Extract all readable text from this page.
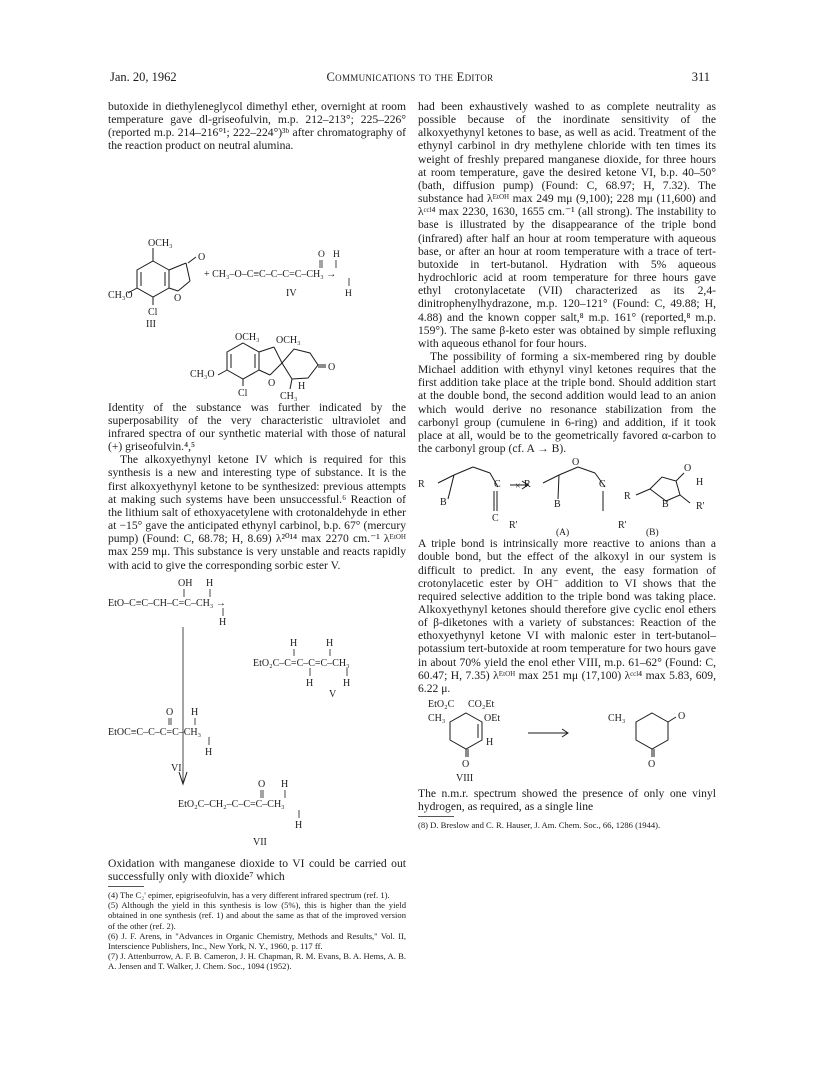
Jan. 20, 1962	Communications to the Editor	311

butoxide in diethyleneglycol dimethyl ether, overnight at room temperature gave dl-griseofulvin, m.p. 212–213°; 225–226° (reported m.p. 214–216°¹; 222–224°)³ᵇ after chromatography of the reaction product on neutral alumina.

OCH₃
O
O
CH₃O
Cl
III
O H
+ CH₃–O–C≡C–C–C=C–CH₃ →
H
IV
OCH₃ OCH₃
O
CH₃O
O H
Cl	CH₃

Identity of the substance was further indicated by the superposability of the very characteristic ultraviolet and infrared spectra of our synthetic material with those of natural (+) griseofulvin.⁴,⁵

The alkoxyethynyl ketone IV which is required for this synthesis is a new and interesting type of substance. It is the first alkoxyethynyl ketone to be synthesized: previous attempts at making such systems have been unsuccessful.⁶ Reaction of the lithium salt of ethoxyacetylene with crotonaldehyde in ether at −15° gave the anticipated ethynyl carbinol, b.p. 67° (mercury pump) (Found: C, 68.78; H, 8.69) λ²⁰¹⁴ max 2270 cm.⁻¹ λᴱᵗᴼᴴ max 259 mμ. This substance is very unstable and reacts rapidly with acid to give the corresponding sorbic ester V.

OH H
EtO–C≡C–CH–C=C–CH₃ →
H
H	H
EtO₂C–C=C–C=C–CH₃
H	H
V
O H
EtOC≡C–C–C=C–CH₃
H
VI
O H
EtO₂C–CH₂–C–C=C–CH₃
H
VII

Oxidation with manganese dioxide to VI could be carried out successfully only with dioxide⁷ which

(4) The C₂' epimer, epigriseofulvin, has a very different infrared spectrum (ref. 1).

(5) Although the yield in this synthesis is low (5%), this is higher than the yield obtained in one synthesis (ref. 1) and about the same as that of the improved version of the other (ref. 2).

(6) J. F. Arens, in "Advances in Organic Chemistry, Methods and Results," Vol. II, Interscience Publishers, Inc., New York, N. Y., 1960, p. 117 ff.

(7) J. Attenburrow, A. F. B. Cameron, J. H. Chapman, R. M. Evans, B. A. Hems, A. B. A. Jensen and T. Walker, J. Chem. Soc., 1094 (1952).

had been exhaustively washed to as complete neutrality as possible because of the inordinate sensitivity of the alkoxyethynyl ketones to base, as well as acid. Treatment of the ethynyl carbinol in dry methylene chloride with ten times its weight of freshly prepared manganese dioxide, for three hours at room temperature, gave the desired ketone VI, b.p. 40–50° (bath, diffusion pump) (Found: C, 68.97; H, 7.32). The substance had λᴱᵗᴼᴴ max 249 mμ (9,100); 228 mμ (11,600) and λᶜᶜˡ⁴ max 2230, 1630, 1655 cm.⁻¹ (all strong). The instability to base is illustrated by the disappearance of the triple bond (infrared) after half an hour at room temperature with aqueous base, or after an hour at room temperature with a trace of tert-butoxide in tert-butanol. Hydration with 5% aqueous hydrochloric acid at room temperature for three hours gave ethyl crotonylacetate (VII) characterized as its 2,4-dinitrophenylhydrazone, m.p. 120–121° (Found: C, 49.88; H, 4.88) and the known copper salt,⁸ m.p. 161° (reported,⁸ m.p. 159°). The same β-keto ester was obtained by simple refluxing with aqueous ethanol for four hours.

The possibility of forming a six-membered ring by double Michael addition with ethynyl vinyl ketones requires that the first addition take place at the triple bond. Should addition start at the double bond, the second addition would lead to an anion which would derive no resonance stabilization from the carbonyl group (cumulene in 6-ring) and addition, if it took place at all, would be to the geometrically favored α-carbon to the carbonyl group (cf. A → B).

×
R
B
C
C
R'
R
B
C
R'
O
R
B
O
H
R'
(A)	(B)

A triple bond is intrinsically more reactive to anions than a double bond, but the effect of the alkoxyl in our system is difficult to predict. In any event, the easy formation of crotonylacetic ester by OH⁻ addition to VI shows that the required selective addition to the triple bond was taking place. Alkoxyethynyl ketones should therefore give cyclic enol ethers of β-diketones with a variety of substances: Reaction of the ethoxyethynyl ketone VI with malonic ester in tert-butanol–potassium tert-butoxide at room temperature for two hours gave in about 70% yield the enol ether VIII, m.p. 61–62° (Found: C, 60.47; H, 7.35) λᴱᵗᴼᴴ max 251 mμ (17,100) λᶜᶜˡ⁴ max 5.83, 609, 6.22 μ.

EtO₂C CO₂Et
CH₃	OEt
H
O
VIII
CH₃	O
O

The n.m.r. spectrum showed the presence of only one vinyl hydrogen, as required, as a single line

(8) D. Breslow and C. R. Hauser, J. Am. Chem. Soc., 66, 1286 (1944).
